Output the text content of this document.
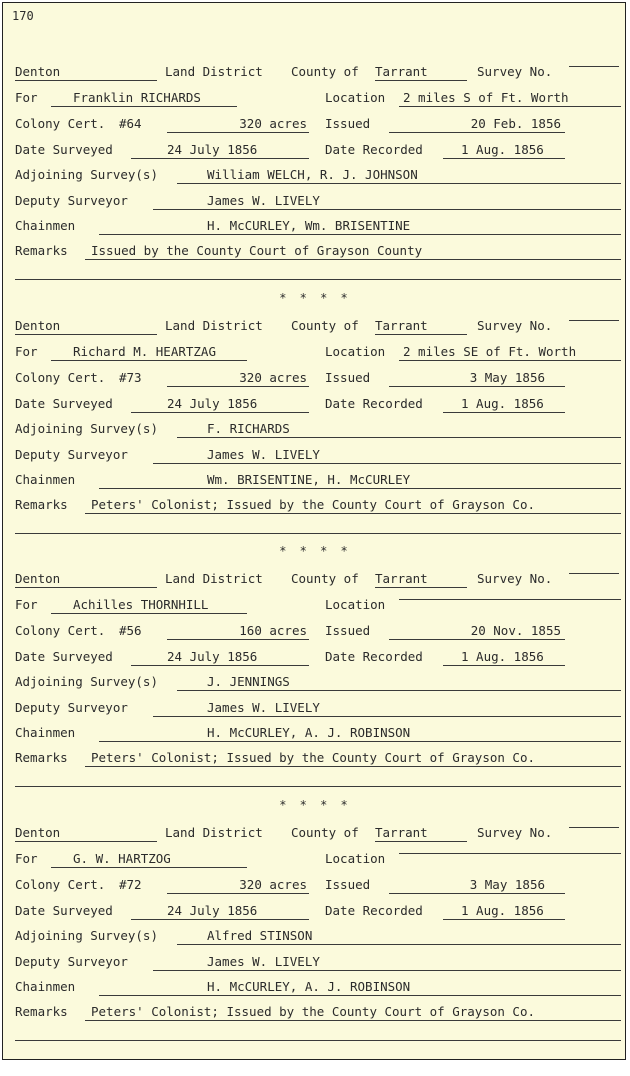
170
Denton	Land District County of Tarrant	Survey No.
For	Franklin RICHARDS	Location	2 miles S of Ft. Worth
Colony Cert. #64	320 acres Issued	20 Feb. 1856
Date Surveyed	24 July 1856	Date Recorded	1 Aug. 1856
Adjoining Survey(s)	William WELCH, R. J. JOHNSON
Deputy Surveyor	James W. LIVELY
Chainmen	H. McCURLEY, Wm. BRISENTINE
Remarks	Issued by the County Court of Grayson County
* * * *
Denton	Land District County of Tarrant	Survey No.
For	Richard M. HEARTZAG	Location	2 miles SE of Ft. Worth
Colony Cert. #73	320 acres Issued	3 May 1856
Date Surveyed	24 July 1856	Date Recorded	1 Aug. 1856
Adjoining Survey(s)	F. RICHARDS
Deputy Surveyor	James W. LIVELY
Chainmen	Wm. BRISENTINE, H. McCURLEY
Remarks	Peters' Colonist; Issued by the County Court of Grayson Co.
* * * *
Denton	Land District County of Tarrant	Survey No.
For	Achilles THORNHILL	Location
Colony Cert. #56	160 acres Issued	20 Nov. 1855
Date Surveyed	24 July 1856	Date Recorded	1 Aug. 1856
Adjoining Survey(s)	J. JENNINGS
Deputy Surveyor	James W. LIVELY
Chainmen	H. McCURLEY, A. J. ROBINSON
Remarks	Peters' Colonist; Issued by the County Court of Grayson Co.
* * * *
Denton	Land District County of Tarrant	Survey No.
For	G. W. HARTZOG	Location
Colony Cert. #72	320 acres Issued	3 May 1856
Date Surveyed	24 July 1856	Date Recorded	1 Aug. 1856
Adjoining Survey(s)	Alfred STINSON
Deputy Surveyor	James W. LIVELY
Chainmen	H. McCURLEY, A. J. ROBINSON
Remarks	Peters' Colonist; Issued by the County Court of Grayson Co.
